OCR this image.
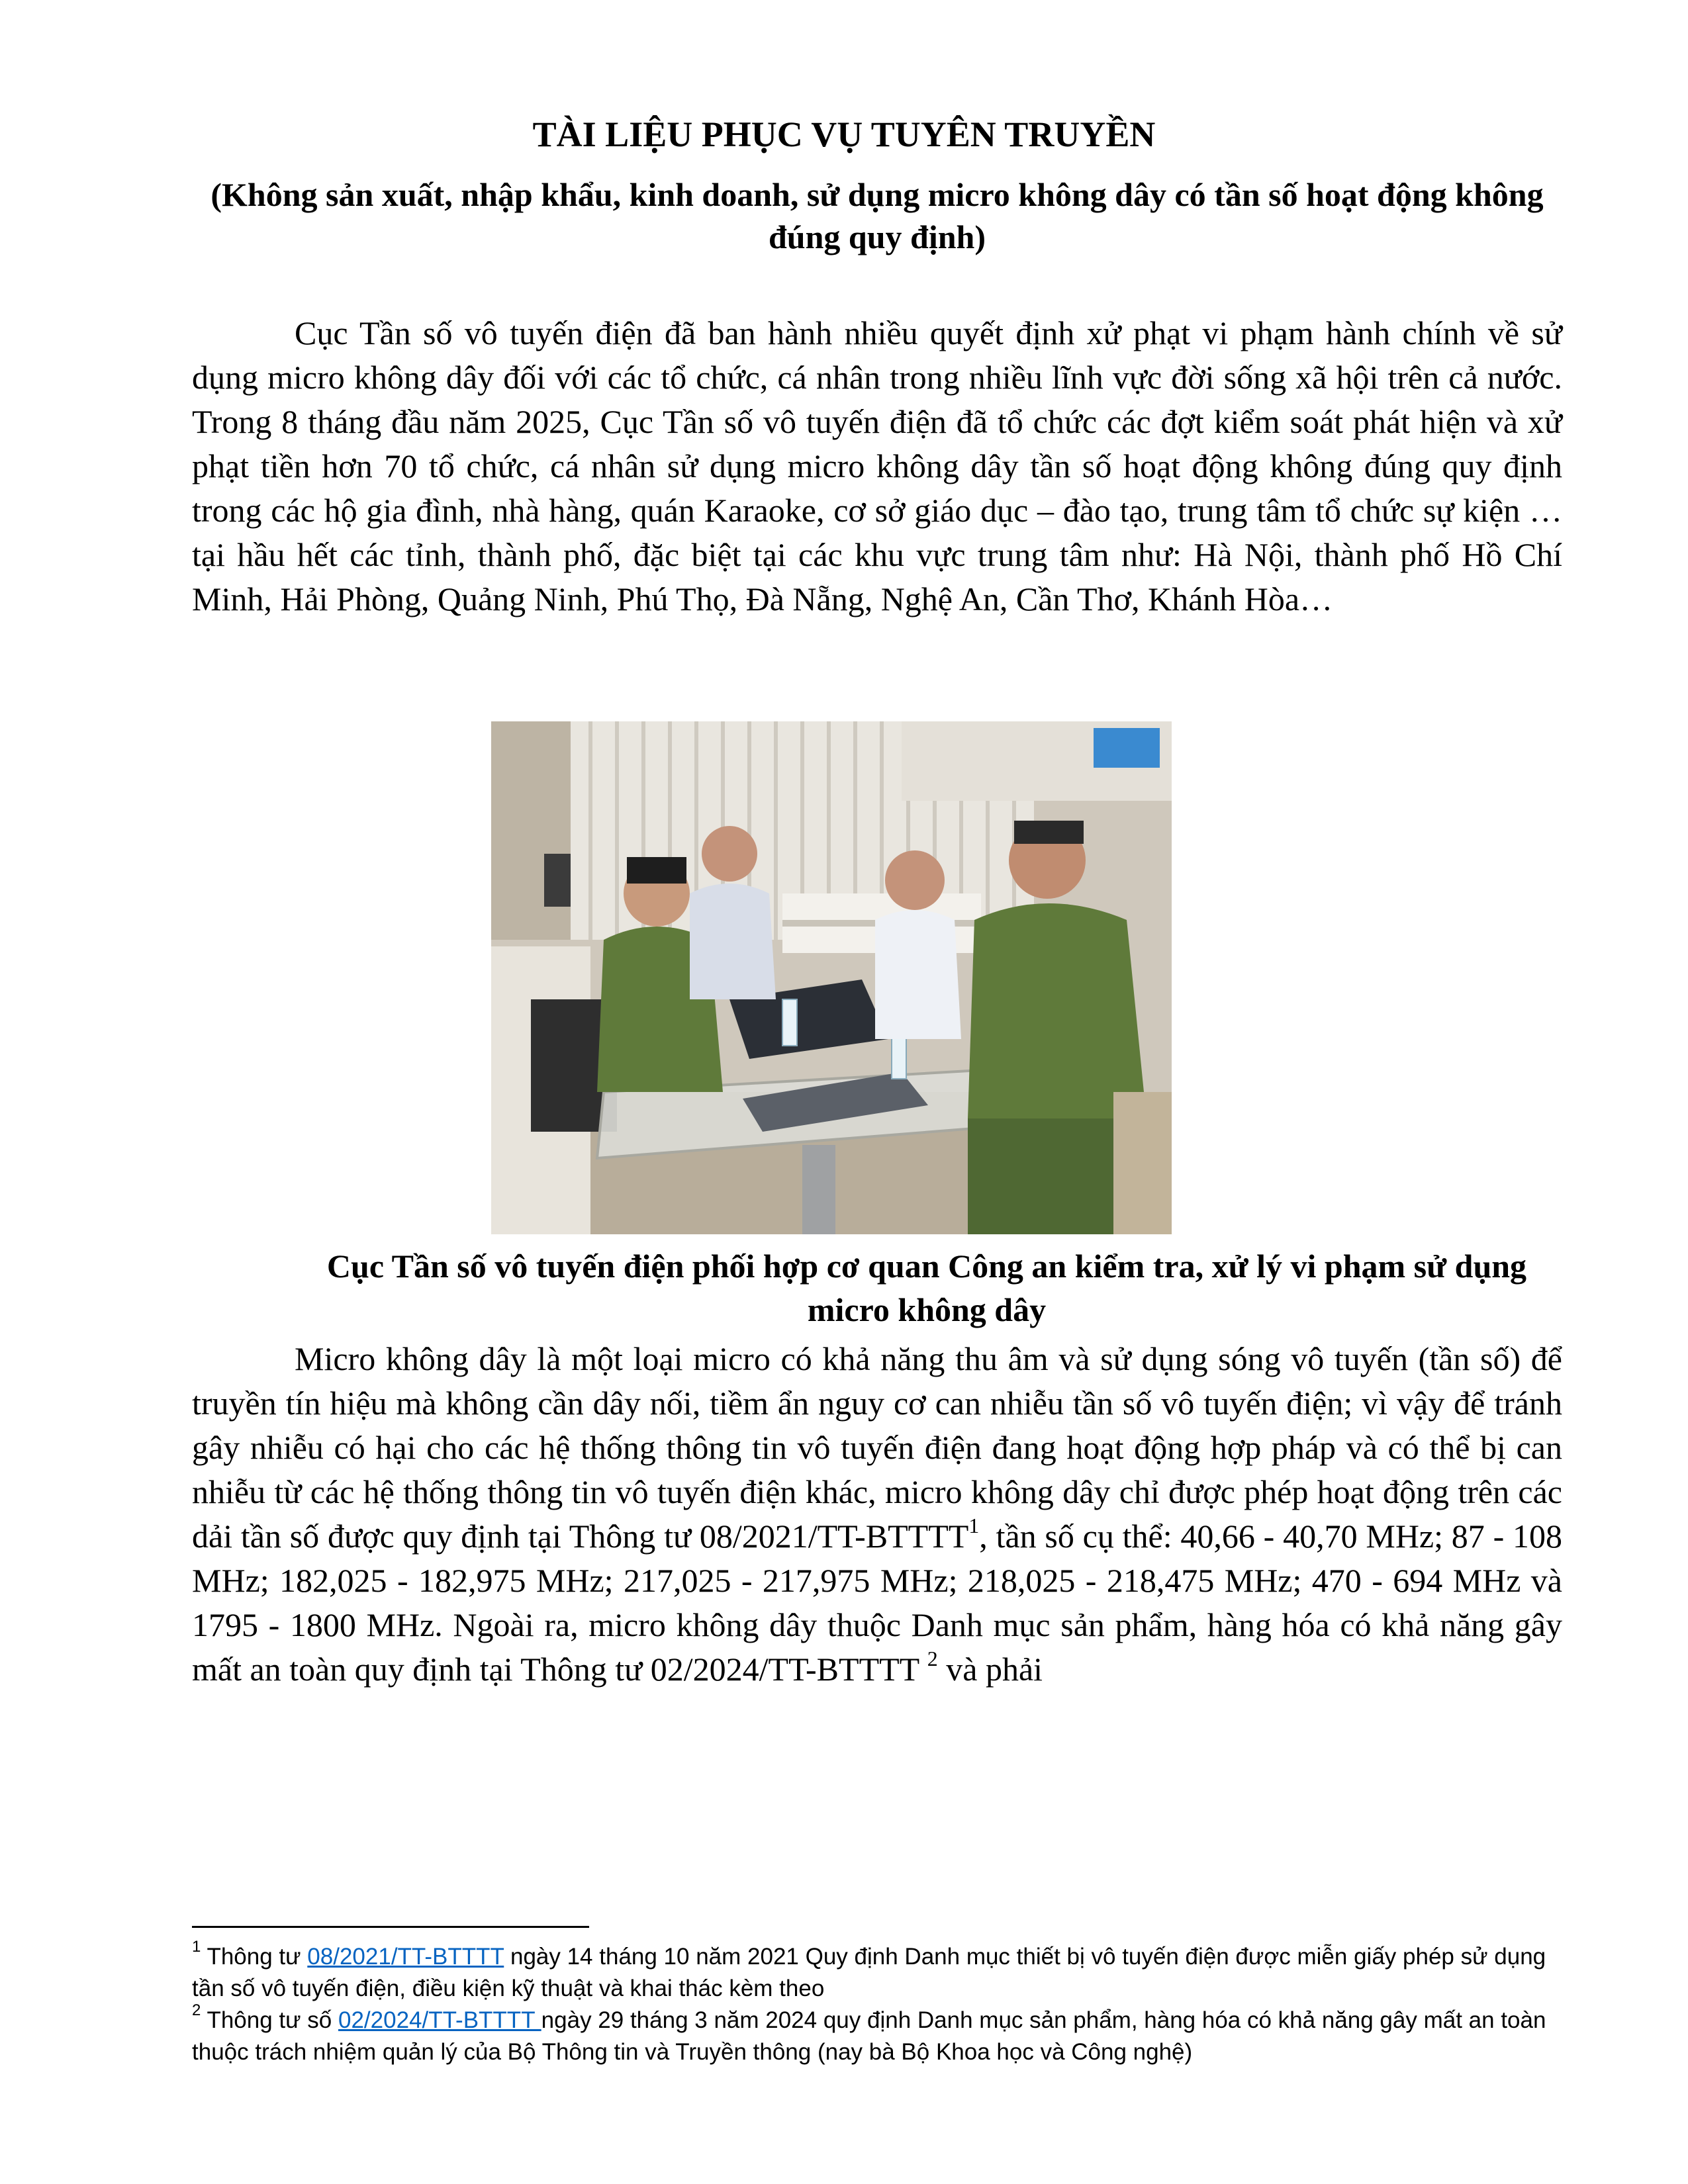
TÀI LIỆU PHỤC VỤ TUYÊN TRUYỀN

(Không sản xuất, nhập khẩu, kinh doanh, sử dụng micro không dây có tần số hoạt động không đúng quy định)

Cục Tần số vô tuyến điện đã ban hành nhiều quyết định xử phạt vi phạm hành chính về sử dụng micro không dây đối với các tổ chức, cá nhân trong nhiều lĩnh vực đời sống xã hội trên cả nước. Trong 8 tháng đầu năm 2025, Cục Tần số vô tuyến điện đã tổ chức các đợt kiểm soát phát hiện và xử phạt tiền hơn 70 tổ chức, cá nhân sử dụng micro không dây tần số hoạt động không đúng quy định trong các hộ gia đình, nhà hàng, quán Karaoke, cơ sở giáo dục – đào tạo, trung tâm tổ chức sự kiện … tại hầu hết các tỉnh, thành phố, đặc biệt tại các khu vực trung tâm như: Hà Nội, thành phố Hồ Chí Minh, Hải Phòng, Quảng Ninh, Phú Thọ, Đà Nẵng, Nghệ An, Cần Thơ, Khánh Hòa…

Cục Tần số vô tuyến điện phối hợp cơ quan Công an kiểm tra, xử lý vi phạm sử dụng micro không dây

Micro không dây là một loại micro có khả năng thu âm và sử dụng sóng vô tuyến (tần số) để truyền tín hiệu mà không cần dây nối, tiềm ẩn nguy cơ can nhiễu tần số vô tuyến điện; vì vậy để tránh gây nhiễu có hại cho các hệ thống thông tin vô tuyến điện đang hoạt động hợp pháp và có thể bị can nhiễu từ các hệ thống thông tin vô tuyến điện khác, micro không dây chỉ được phép hoạt động trên các dải tần số được quy định tại Thông tư 08/2021/TT-BTTTT$^1$, tần số cụ thể: 40,66 - 40,70 MHz; 87 - 108 MHz; 182,025 - 182,975 MHz; 217,025 - 217,975 MHz; 218,025 - 218,475 MHz; 470 - 694 MHz và 1795 - 1800 MHz. Ngoài ra, micro không dây thuộc Danh mục sản phẩm, hàng hóa có khả năng gây mất an toàn quy định tại Thông tư 02/2024/TT-BTTTT $^2$ và phải

$^1$ Thông tư 08/2021/TT-BTTTT ngày 14 tháng 10 năm 2021 Quy định Danh mục thiết bị vô tuyến điện được miễn giấy phép sử dụng tần số vô tuyến điện, điều kiện kỹ thuật và khai thác kèm theo

$^2$ Thông tư số 02/2024/TT-BTTTT ngày 29 tháng 3 năm 2024 quy định Danh mục sản phẩm, hàng hóa có khả năng gây mất an toàn thuộc trách nhiệm quản lý của Bộ Thông tin và Truyền thông (nay bà Bộ Khoa học và Công nghệ)
